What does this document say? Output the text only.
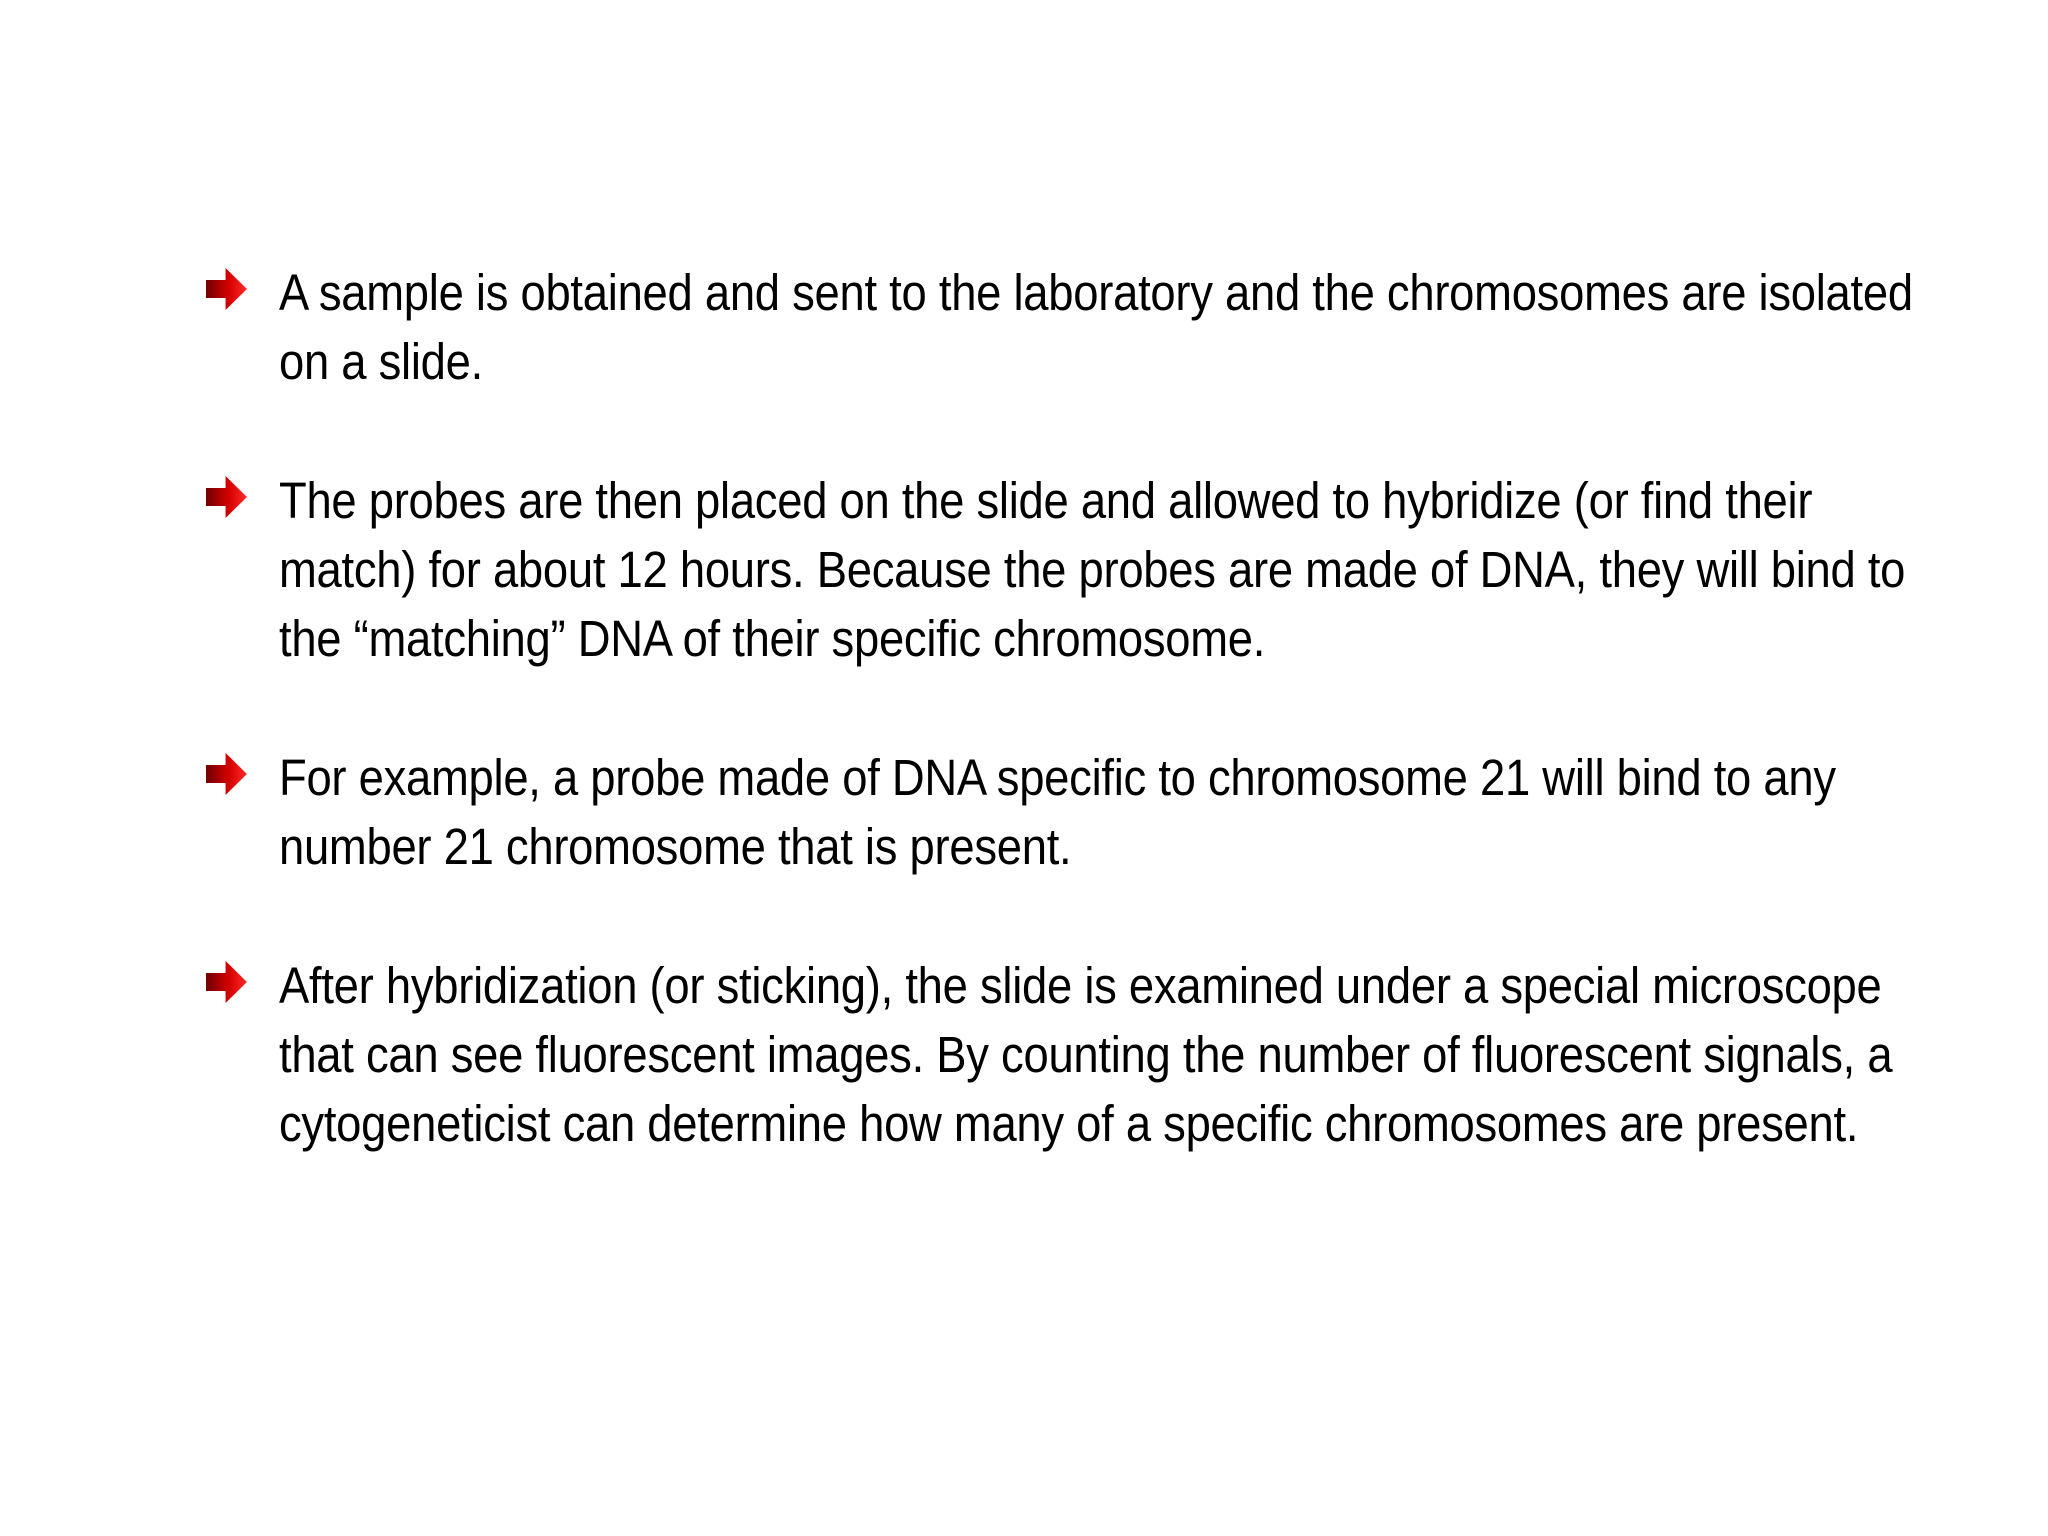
A sample is obtained and sent to the laboratory and the chromosomes are isolated on a slide.
The probes are then placed on the slide and allowed to hybridize (or find their match) for about 12 hours. Because the probes are made of DNA, they will bind to the “matching” DNA of their specific chromosome.
For example, a probe made of DNA specific to chromosome 21 will bind to any number 21 chromosome that is present.
After hybridization (or sticking), the slide is examined under a special microscope that can see fluorescent images. By counting the number of fluorescent signals, a cytogeneticist can determine how many of a specific chromosomes are present.
